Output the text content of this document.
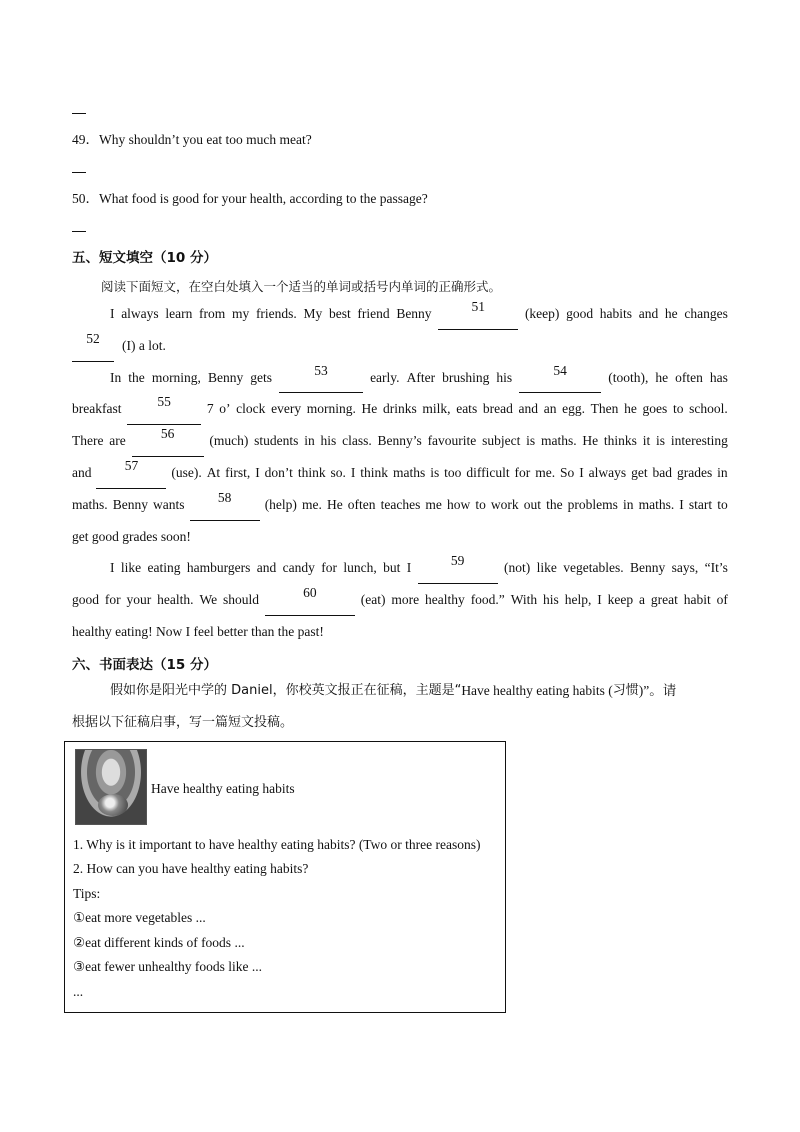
49．Why shouldn’t you eat too much meat?
50．What food is good for your health, according to the passage?
五、短文填空（10 分）
阅读下面短文，在空白处填入一个适当的单词或括号内单词的正确形式。
I always learn from my friends. My best friend Benny	51	(keep) good habits and he changes
52	(I) a lot.
In the morning, Benny gets	53	early. After brushing his	54	(tooth), he often has
breakfast	55	7 o’ clock every morning. He drinks milk, eats bread and an egg. Then he goes to school.
There are	56	(much) students in his class. Benny’s favourite subject is maths. He thinks it is interesting
and	57	(use). At first, I don’t think so. I think maths is too difficult for me. So I always get bad grades in
maths. Benny wants	58	(help) me. He often teaches me how to work out the problems in maths. I start to
get good grades soon!
I like eating hamburgers and candy for lunch, but I	59	(not) like vegetables. Benny says, “It’s
good for your health. We should	60	(eat) more healthy food.” With his help, I keep a great habit of
healthy eating! Now I feel better than the past!
六、书面表达（15 分）
假如你是阳光中学的 Daniel，你校英文报正在征稿，主题是“ Have healthy eating habits ( 习惯 )”。请
根据以下征稿启事，写一篇短文投稿。
Have healthy eating habits
1. Why is it important to have healthy eating habits? (Two or three reasons)
2. How can you have healthy eating habits?
Tips:
①eat more vegetables ...
②eat different kinds of foods ...
③eat fewer unhealthy foods like ...
...
